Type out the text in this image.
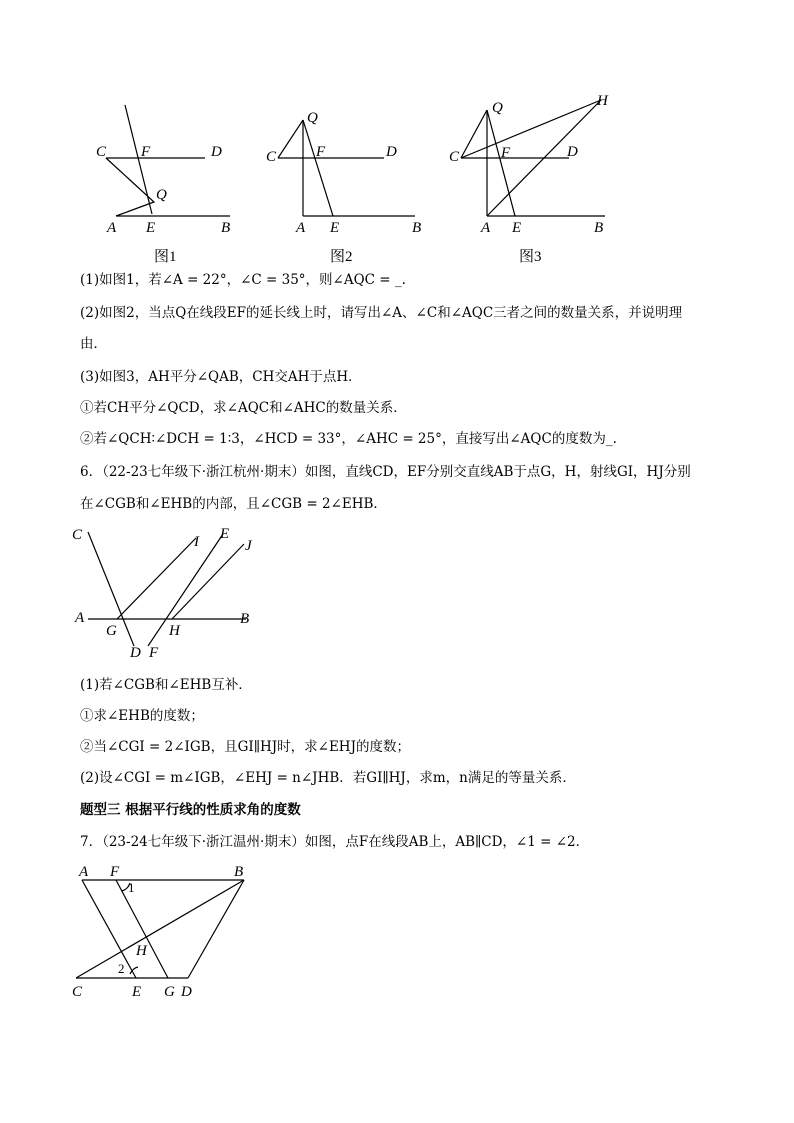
C F	D
Q
A E	B
图1
Q
C	F	D
A E	B
图2
Q	H
C	F	D
A E	B
图3
(1)如图1，若∠A = 22°，∠C = 35°，则∠AQC = _.
(2)如图2，当点Q在线段EF的延长线上时，请写出∠A、∠C和∠AQC三者之间的数量关系，并说明理
由．
(3)如图3，AH平分∠QAB，CH交AH于点H．
①若CH平分∠QCD，求∠AQC和∠AHC的数量关系．
②若∠QCH∶∠DCH = 1∶3，∠HCD = 33°，∠AHC = 25°，直接写出∠AQC的度数为_.
6．（22-23七年级下·浙江杭州·期末）如图，直线CD，EF分别交直线AB于点G，H，射线GI，HJ分别
在∠CGB和∠EHB的内部，且∠CGB = 2∠EHB．
C	I E
J
A
G	H
B
D F
(1)若∠CGB和∠EHB互补．
①求∠EHB的度数；
②当∠CGI = 2∠IGB，且GI∥HJ时，求∠EHJ的度数；
(2)设∠CGI = m∠IGB，∠EHJ = n∠JHB．若GI∥HJ，求m，n满足的等量关系．
题型三 根据平行线的性质求角的度数
7．（23-24七年级下·浙江温州·期末）如图，点F在线段AB上，AB∥CD，∠1 = ∠2．
A F
1
B
H
2
C	E G D
